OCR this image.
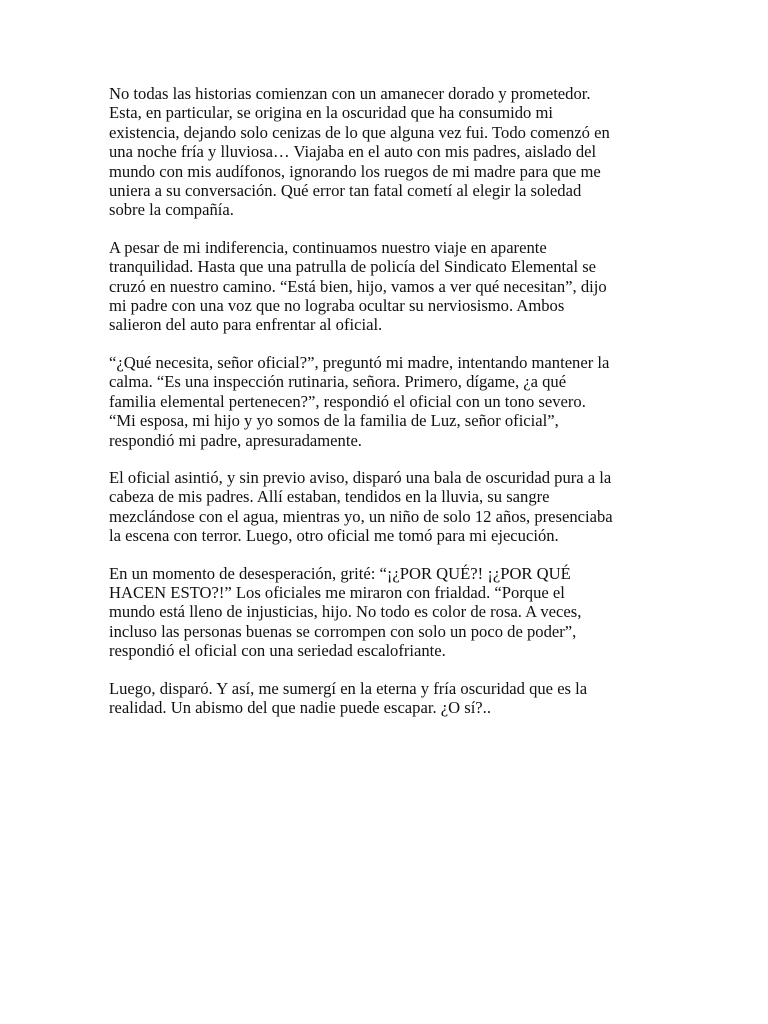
No todas las historias comienzan con un amanecer dorado y prometedor.
Esta, en particular, se origina en la oscuridad que ha consumido mi
existencia, dejando solo cenizas de lo que alguna vez fui. Todo comenzó en
una noche fría y lluviosa… Viajaba en el auto con mis padres, aislado del
mundo con mis audífonos, ignorando los ruegos de mi madre para que me
uniera a su conversación. Qué error tan fatal cometí al elegir la soledad
sobre la compañía.

A pesar de mi indiferencia, continuamos nuestro viaje en aparente
tranquilidad. Hasta que una patrulla de policía del Sindicato Elemental se
cruzó en nuestro camino. “Está bien, hijo, vamos a ver qué necesitan”, dijo
mi padre con una voz que no lograba ocultar su nerviosismo. Ambos
salieron del auto para enfrentar al oficial.

“¿Qué necesita, señor oficial?”, preguntó mi madre, intentando mantener la
calma. “Es una inspección rutinaria, señora. Primero, dígame, ¿a qué
familia elemental pertenecen?”, respondió el oficial con un tono severo.
“Mi esposa, mi hijo y yo somos de la familia de Luz, señor oficial”,
respondió mi padre, apresuradamente.

El oficial asintió, y sin previo aviso, disparó una bala de oscuridad pura a la
cabeza de mis padres. Allí estaban, tendidos en la lluvia, su sangre
mezclándose con el agua, mientras yo, un niño de solo 12 años, presenciaba
la escena con terror. Luego, otro oficial me tomó para mi ejecución.

En un momento de desesperación, grité: “¡¿POR QUÉ?! ¡¿POR QUÉ
HACEN ESTO?!” Los oficiales me miraron con frialdad. “Porque el
mundo está lleno de injusticias, hijo. No todo es color de rosa. A veces,
incluso las personas buenas se corrompen con solo un poco de poder”,
respondió el oficial con una seriedad escalofriante.

Luego, disparó. Y así, me sumergí en la eterna y fría oscuridad que es la
realidad. Un abismo del que nadie puede escapar. ¿O sí?..
